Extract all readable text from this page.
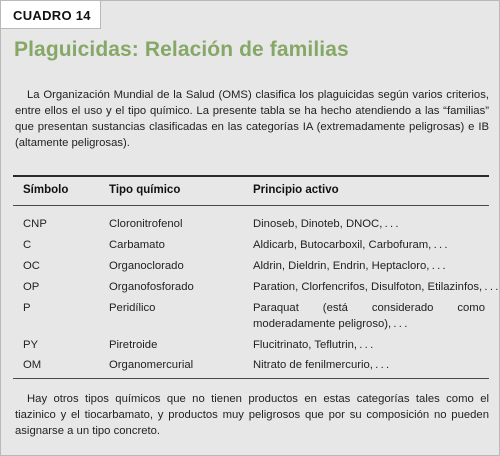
CUADRO 14
Plaguicidas: Relación de familias

La Organización Mundial de la Salud (OMS) clasifica los plaguicidas según varios criterios, entre ellos el uso y el tipo químico. La presente tabla se ha hecho atendiendo a las “familias” que presentan sustancias clasificadas en las categorías IA (extremadamente peligrosas) e IB (altamente peligrosas).

Símbolo	Tipo químico	Principio activo
CNP	Cloronitrofenol	Dinoseb, Dinoteb, DNOC, . . .
C	Carbamato	Aldicarb, Butocarboxil, Carbofuram, . . .
OC	Organoclorado	Aldrin, Dieldrin, Endrin, Heptacloro, . . .
OP	Organofosforado	Paration, Clorfencrifos, Disulfoton, Etilazinfos, . . .
P	Peridílico	Paraquat (está considerado como moderadamente peligroso), . . .
PY	Piretroide	Flucitrinato, Teflutrin, . . .
OM	Organomercurial	Nitrato de fenilmercurio, . . .

Hay otros tipos químicos que no tienen productos en estas categorías tales como el tiazinico y el tiocarbamato, y productos muy peligrosos que por su composición no pueden asignarse a un tipo concreto.
